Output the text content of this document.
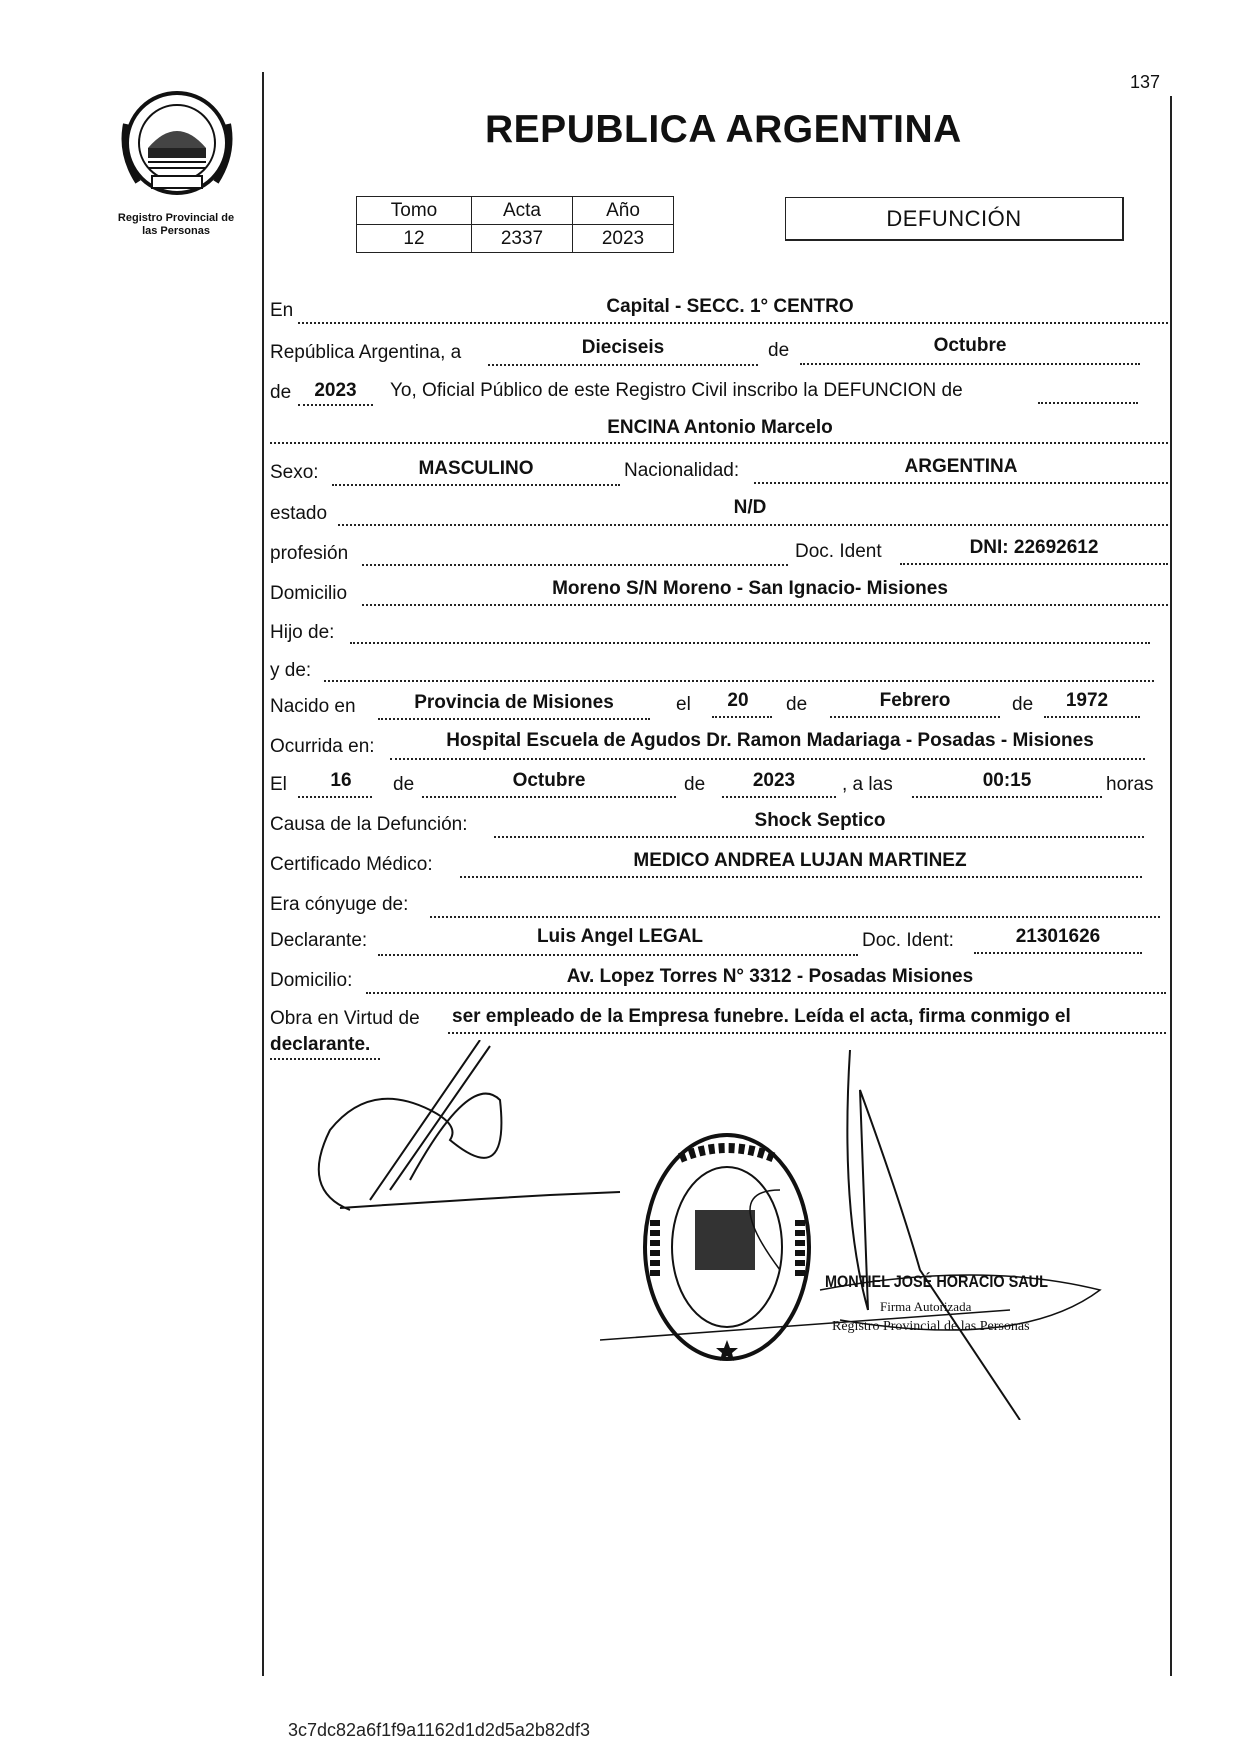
137
Registro Provincial de
las Personas
REPUBLICA ARGENTINA
Tomo	Acta	Año
12	2337	2023
DEFUNCIÓN
En	Capital - SECC. 1° CENTRO
República Argentina, a	Dieciseis	de	Octubre
de	2023	Yo, Oficial Público de este Registro Civil inscribo la DEFUNCION de
ENCINA Antonio Marcelo
Sexo:	MASCULINO	Nacionalidad:	ARGENTINA
estado	N/D
profesión	Doc. Ident	DNI: 22692612
Domicilio	Moreno S/N Moreno - San Ignacio- Misiones
Hijo de:
y de:
Nacido en	Provincia de Misiones	el	20	de	Febrero	de	1972
Ocurrida en:	Hospital Escuela de Agudos Dr. Ramon Madariaga - Posadas - Misiones
El	16	de	Octubre	de	2023	, a las	00:15	horas
Causa de la Defunción:	Shock Septico
Certificado Médico:	MEDICO ANDREA LUJAN MARTINEZ
Era cónyuge de:
Declarante:	Luis Angel LEGAL	Doc. Ident:	21301626
Domicilio:	Av. Lopez Torres N° 3312 - Posadas Misiones
Obra en Virtud de ser empleado de la Empresa funebre. Leída el acta, firma conmigo el
declarante.
MONTIEL JOSÉ HORACIO SAUL
Firma Autorizada
Registro Provincial de las Personas
3c7dc82a6f1f9a1162d1d2d5a2b82df3
